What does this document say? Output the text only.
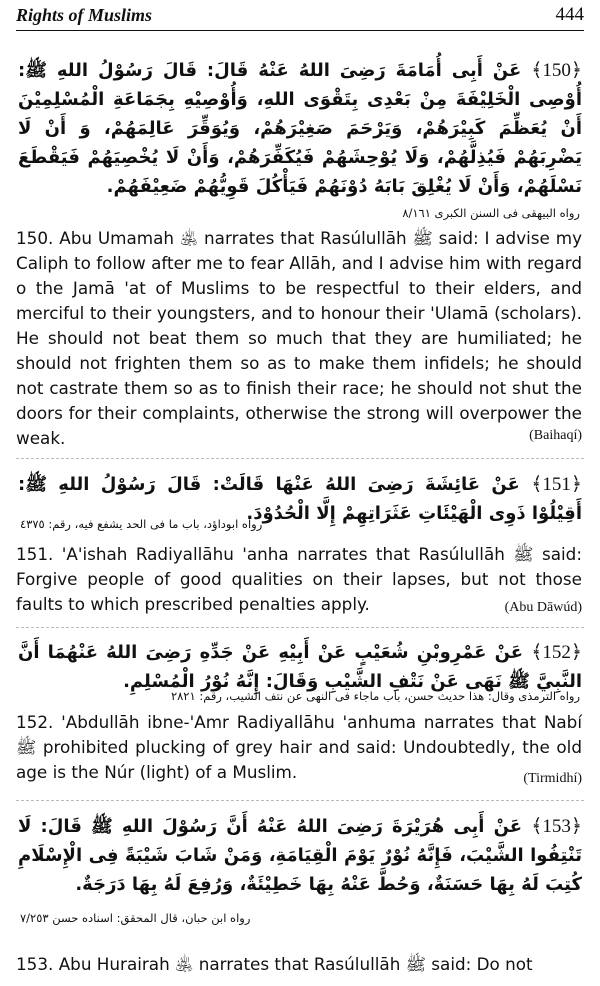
Rights of Muslims	444
﴿150﴾ عَنْ أَبِى أُمَامَةَ رَضِىَ اللهُ عَنْهُ قَالَ: قَالَ رَسُوْلُ اللهِ ﷺ: أُوْصِى الْخَلِيْفَةَ مِنْ بَعْدِى بِتَقْوَى اللهِ، وَأُوْصِيْهِ بِجَمَاعَةِ الْمُسْلِمِيْنَ أَنْ يُعَظِّمَ كَبِيْرَهُمْ، وَيَرْحَمَ صَغِيْرَهُمْ، وَيُوَقِّرَ عَالِمَهُمْ، وَ أَنْ لَا يَضْرِبَهُمْ فَيُذِلَّهُمْ، وَلَا يُوْحِشَهُمْ فَيُكَفِّرَهُمْ، وَأَنْ لَا يُخْصِيَهُمْ فَيَقْطَعَ نَسْلَهُمْ، وَأَنْ لَا يُغْلِقَ بَابَهُ دُوْنَهُمْ فَيَأْكُلَ قَوِيُّهُمْ ضَعِيْفَهُمْ.
رواه البيهقى فى السنن الكبرى ٨/١٦١

150. Abu Umamah ﵁ narrates that Rasúlullāh ﷺ said: I advise my Caliph to follow after me to fear Allāh, and I advise him with regard o the Jamā 'at of Muslims to be respectful to their elders, and merciful to their youngsters, and to honour their 'Ulamā (scholars). He should not beat them so much that they are humiliated; he should not frighten them so as to make them infidels; he should not castrate them so as to finish their race; he should not shut the doors for their complaints, otherwise the strong will overpower the weak.	(Baihaqí)
﴿151﴾ عَنْ عَائِشَةَ رَضِىَ اللهُ عَنْهَا قَالَتْ: قَالَ رَسُوْلُ اللهِ ﷺ: أَقِيْلُوْا ذَوِى الْهَيْئَاتِ عَثَرَاتِهِمْ إِلَّا الْحُدُوْدَ.
رواه ابوداؤد، باب ما فى الحد يشفع فيه، رقم: ٤٣٧٥

151. 'A'ishah Radiyallāhu 'anha narrates that Rasúlullāh ﷺ said: Forgive people of good qualities on their lapses, but not those faults to which prescribed penalties apply.	(Abu Dāwúd)
﴿152﴾ عَنْ عَمْرِوبْنِ شُعَيْبٍ عَنْ أَبِيْهِ عَنْ جَدِّهِ رَضِىَ اللهُ عَنْهُمَا أَنَّ النَّبِيَّ ﷺ نَهَى عَنْ نَتْفِ الشَّيْبِ وَقَالَ: إِنَّهُ نُوْرُ الْمُسْلِمِ.
رواه الترمذى وقال: هذا حديث حسن، باب ماجاء فى النهى عن نتف الشيب، رقم: ٢٨٢١

152. 'Abdullāh ibne-'Amr Radiyallāhu 'anhuma narrates that Nabí ﷺ prohibited plucking of grey hair and said: Undoubtedly, the old age is the Núr (light) of a Muslim.	(Tirmidhí)
﴿153﴾ عَنْ أَبِى هُرَيْرَةَ رَضِىَ اللهُ عَنْهُ أَنَّ رَسُوْلَ اللهِ ﷺ قَالَ: لَا تَنْتِفُوا الشَّيْبَ، فَإِنَّهُ نُوْرٌ يَوْمَ الْقِيَامَةِ، وَمَنْ شَابَ شَيْبَةً فِى الْإِسْلَامِ كُتِبَ لَهُ بِهَا حَسَنَةٌ، وَحُطَّ عَنْهُ بِهَا خَطِيْئَةٌ، وَرُفِعَ لَهُ بِهَا دَرَجَةٌ.
رواه ابن حبان، قال المحقق: اسناده حسن ٧/٢٥٣

153. Abu Hurairah ﵁ narrates that Rasúlullāh ﷺ said: Do not
